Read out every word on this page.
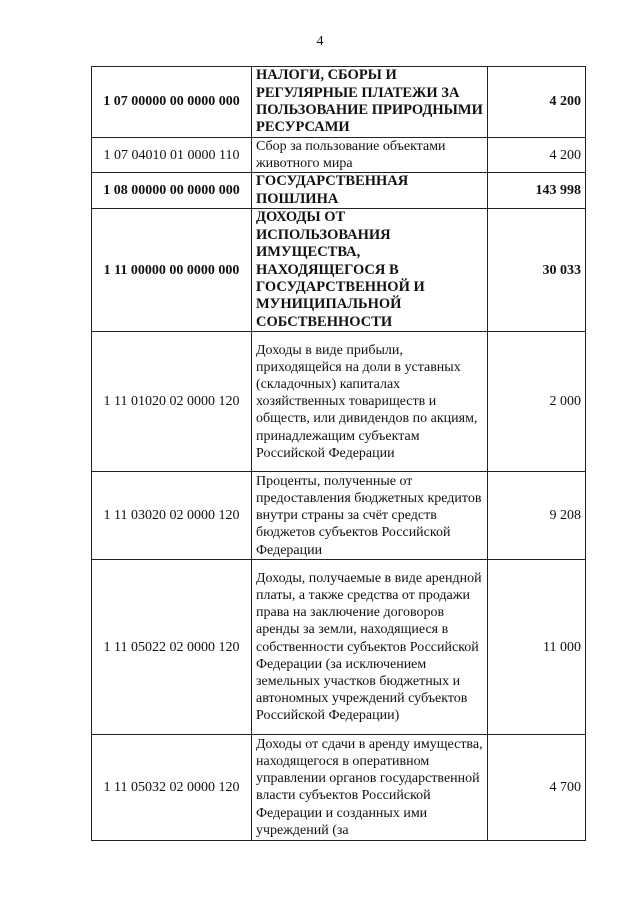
4
1 07 00000 00 0000 000	НАЛОГИ, СБОРЫ И РЕГУЛЯРНЫЕ ПЛАТЕЖИ ЗА ПОЛЬЗОВАНИЕ ПРИРОДНЫМИ РЕСУРСАМИ	4 200
1 07 04010 01 0000 110	Сбор за пользование объектами животного мира	4 200
1 08 00000 00 0000 000	ГОСУДАРСТВЕННАЯ ПОШЛИНА	143 998
1 11 00000 00 0000 000	ДОХОДЫ ОТ ИСПОЛЬЗОВАНИЯ ИМУЩЕСТВА, НАХОДЯЩЕГОСЯ В ГОСУДАРСТВЕННОЙ И МУНИЦИПАЛЬНОЙ СОБСТВЕННОСТИ	30 033
1 11 01020 02 0000 120	Доходы в виде прибыли, приходящейся на доли в уставных (складочных) капиталах хозяйственных товариществ и обществ, или дивидендов по акциям, принадлежащим субъектам Российской Федерации	2 000
1 11 03020 02 0000 120	Проценты, полученные от предоставления бюджетных кредитов внутри страны за счёт средств бюджетов субъектов Российской Федерации	9 208
1 11 05022 02 0000 120	Доходы, получаемые в виде арендной платы, а также средства от продажи права на заключение договоров аренды за земли, находящиеся в собственности субъектов Российской Федерации (за исключением земельных участков бюджетных и автономных учреждений субъектов Российской Федерации)	11 000
1 11 05032 02 0000 120	Доходы от сдачи в аренду имущества, находящегося в оперативном управлении органов государственной власти субъектов Российской Федерации и созданных ими учреждений (за	4 700
